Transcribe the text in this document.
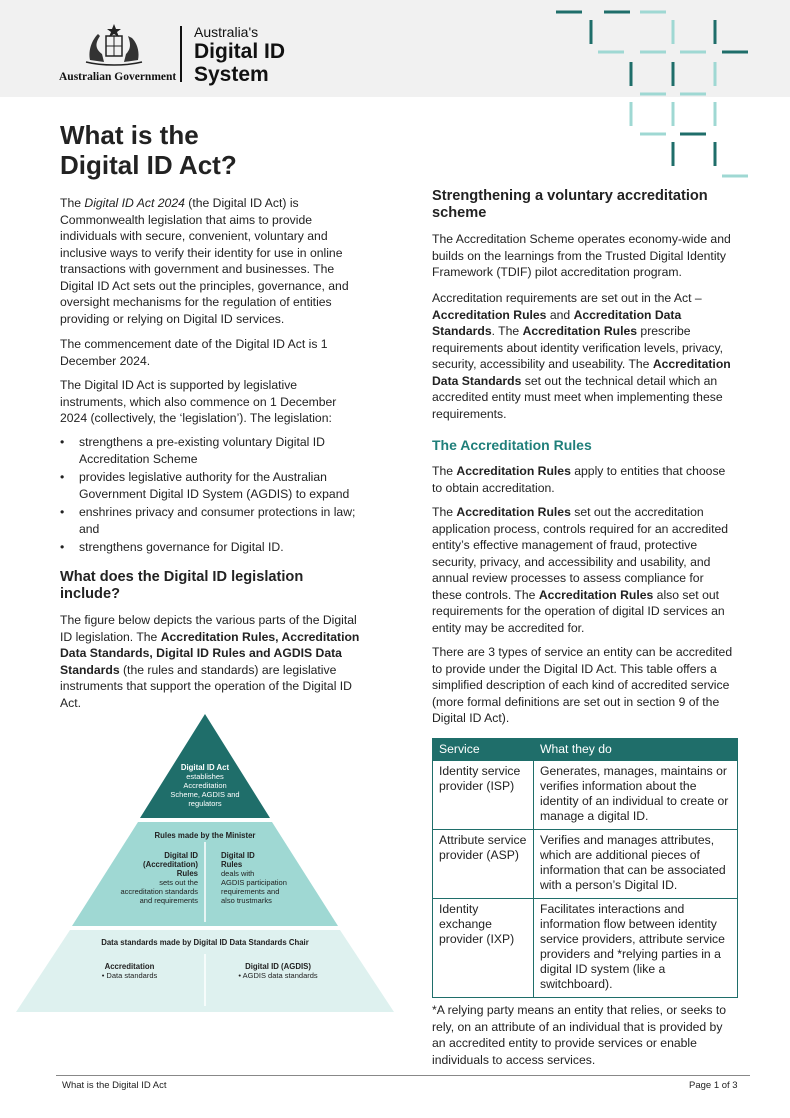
Australian Government
Australia's
Digital ID
System
What is the
Digital ID Act?
The Digital ID Act 2024 (the Digital ID Act) is Commonwealth legislation that aims to provide individuals with secure, convenient, voluntary and inclusive ways to verify their identity for use in online transactions with government and businesses. The Digital ID Act sets out the principles, governance, and oversight mechanisms for the regulation of entities providing or relying on Digital ID services.
The commencement date of the Digital ID Act is 1 December 2024.
The Digital ID Act is supported by legislative instruments, which also commence on 1 December 2024 (collectively, the ‘legislation’). The legislation:
• strengthens a pre-existing voluntary Digital ID Accreditation Scheme
• provides legislative authority for the Australian Government Digital ID System (AGDIS) to expand
• enshrines privacy and consumer protections in law; and
• strengthens governance for Digital ID.
What does the Digital ID legislation include?
The figure below depicts the various parts of the Digital ID legislation. The Accreditation Rules, Accreditation Data Standards, Digital ID Rules and AGDIS Data Standards (the rules and standards) are legislative instruments that support the operation of the Digital ID Act.
Digital ID Act
establishes
Accreditation
Scheme, AGDIS and
regulators
Rules made by the Minister
Digital ID
(Accreditation)
Rules
sets out the
accreditation standards
and requirements
Digital ID
Rules
deals with
AGDIS participation
requirements and
also trustmarks
Data standards made by Digital ID Data Standards Chair
Accreditation
• Data standards
Digital ID (AGDIS)
• AGDIS data standards
Strengthening a voluntary accreditation scheme
The Accreditation Scheme operates economy-wide and builds on the learnings from the Trusted Digital Identity Framework (TDIF) pilot accreditation program.
Accreditation requirements are set out in the Act – Accreditation Rules and Accreditation Data Standards. The Accreditation Rules prescribe requirements about identity verification levels, privacy, security, accessibility and useability. The Accreditation Data Standards set out the technical detail which an accredited entity must meet when implementing these requirements.
The Accreditation Rules
The Accreditation Rules apply to entities that choose to obtain accreditation.
The Accreditation Rules set out the accreditation application process, controls required for an accredited entity’s effective management of fraud, protective security, privacy, and accessibility and usability, and annual review processes to assess compliance for these controls. The Accreditation Rules also set out requirements for the operation of digital ID services an entity may be accredited for.
There are 3 types of service an entity can be accredited to provide under the Digital ID Act. This table offers a simplified description of each kind of accredited service (more formal definitions are set out in section 9 of the Digital ID Act).
Service	What they do
Identity service provider (ISP)	Generates, manages, maintains or verifies information about the identity of an individual to create or manage a digital ID.
Attribute service provider (ASP)	Verifies and manages attributes, which are additional pieces of information that can be associated with a person’s Digital ID.
Identity exchange provider (IXP)	Facilitates interactions and information flow between identity service providers, attribute service providers and *relying parties in a digital ID system (like a switchboard).
*A relying party means an entity that relies, or seeks to rely, on an attribute of an individual that is provided by an accredited entity to provide services or enable individuals to access services.
What is the Digital ID Act	Page 1 of 3
